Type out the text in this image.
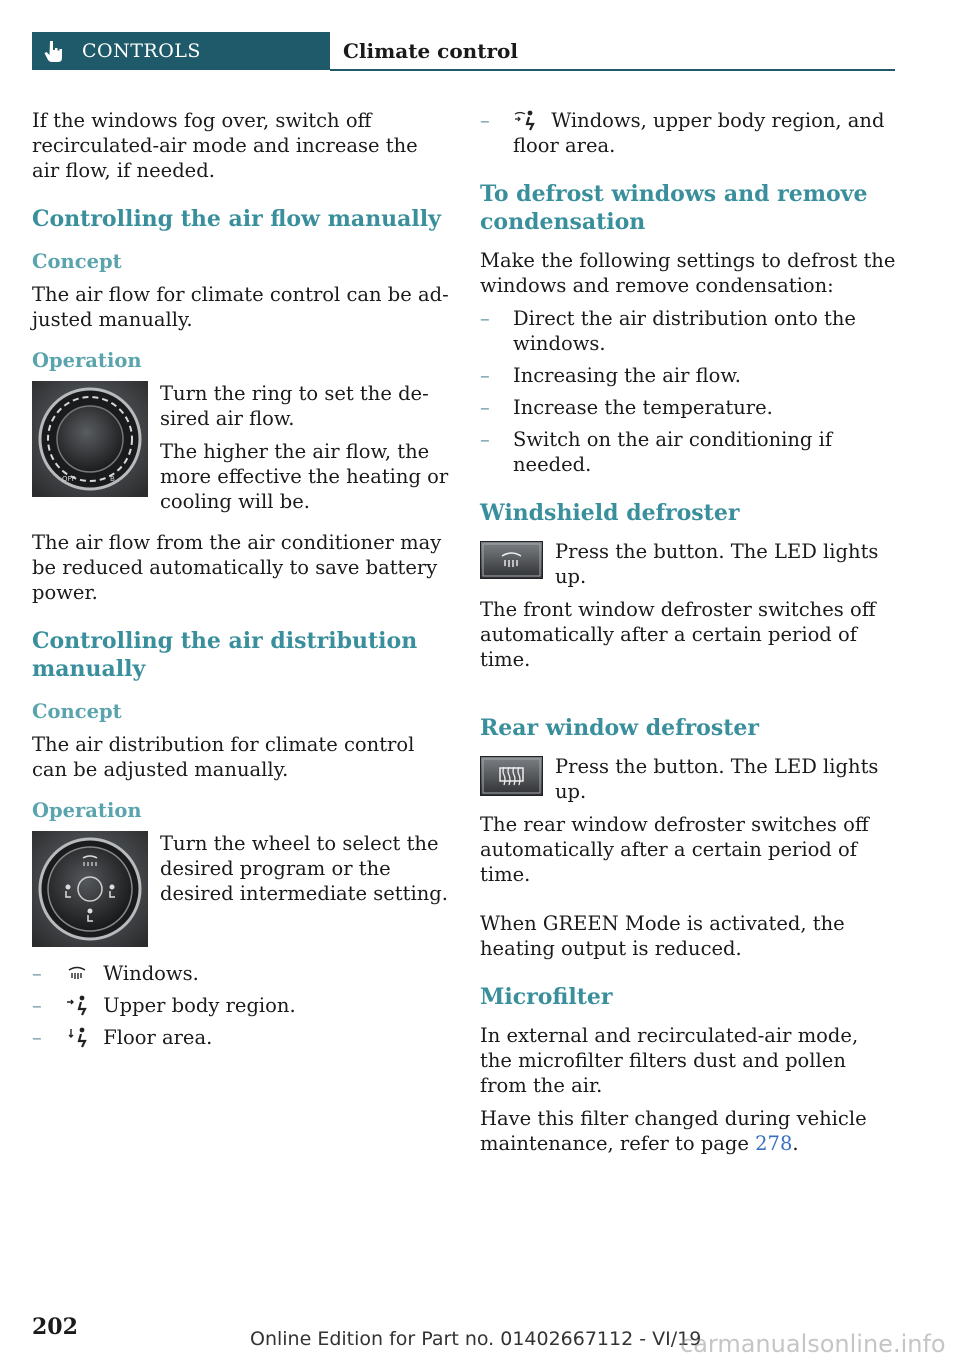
CONTROLS	Climate control

If the windows fog over, switch off recirculated-air mode and increase the air flow, if needed.

Controlling the air flow manually
Concept

The air flow for climate control can be adjusted manually.

Operation
OFF	B

Turn the ring to set the desired air flow.

The higher the air flow, the more effective the heating or cooling will be.

The air flow from the air conditioner may be reduced automatically to save battery power.

Controlling the air distribution manually
Concept

The air distribution for climate control can be adjusted manually.

Operation

Turn the wheel to select the desired program or the desired intermediate setting.

–	Windows.
–	Upper body region.
–	Floor area.
–	Windows, upper body region, and floor area.
To defrost windows and remove condensation

Make the following settings to defrost the windows and remove condensation:

– Direct the air distribution onto the windows.
– Increasing the air flow.
– Increase the temperature.
– Switch on the air conditioning if needed.
Windshield defroster

Press the button. The LED lights up.

The front window defroster switches off automatically after a certain period of time.

Rear window defroster

Press the button. The LED lights up.

The rear window defroster switches off automatically after a certain period of time.

When GREEN Mode is activated, the heating output is reduced.

Microfilter

In external and recirculated-air mode, the microfilter filters dust and pollen from the air.

Have this filter changed during vehicle maintenance, refer to page 278.

202	Online Edition for Part no. 01402667112 - VI/19
carmanualsonline.info
